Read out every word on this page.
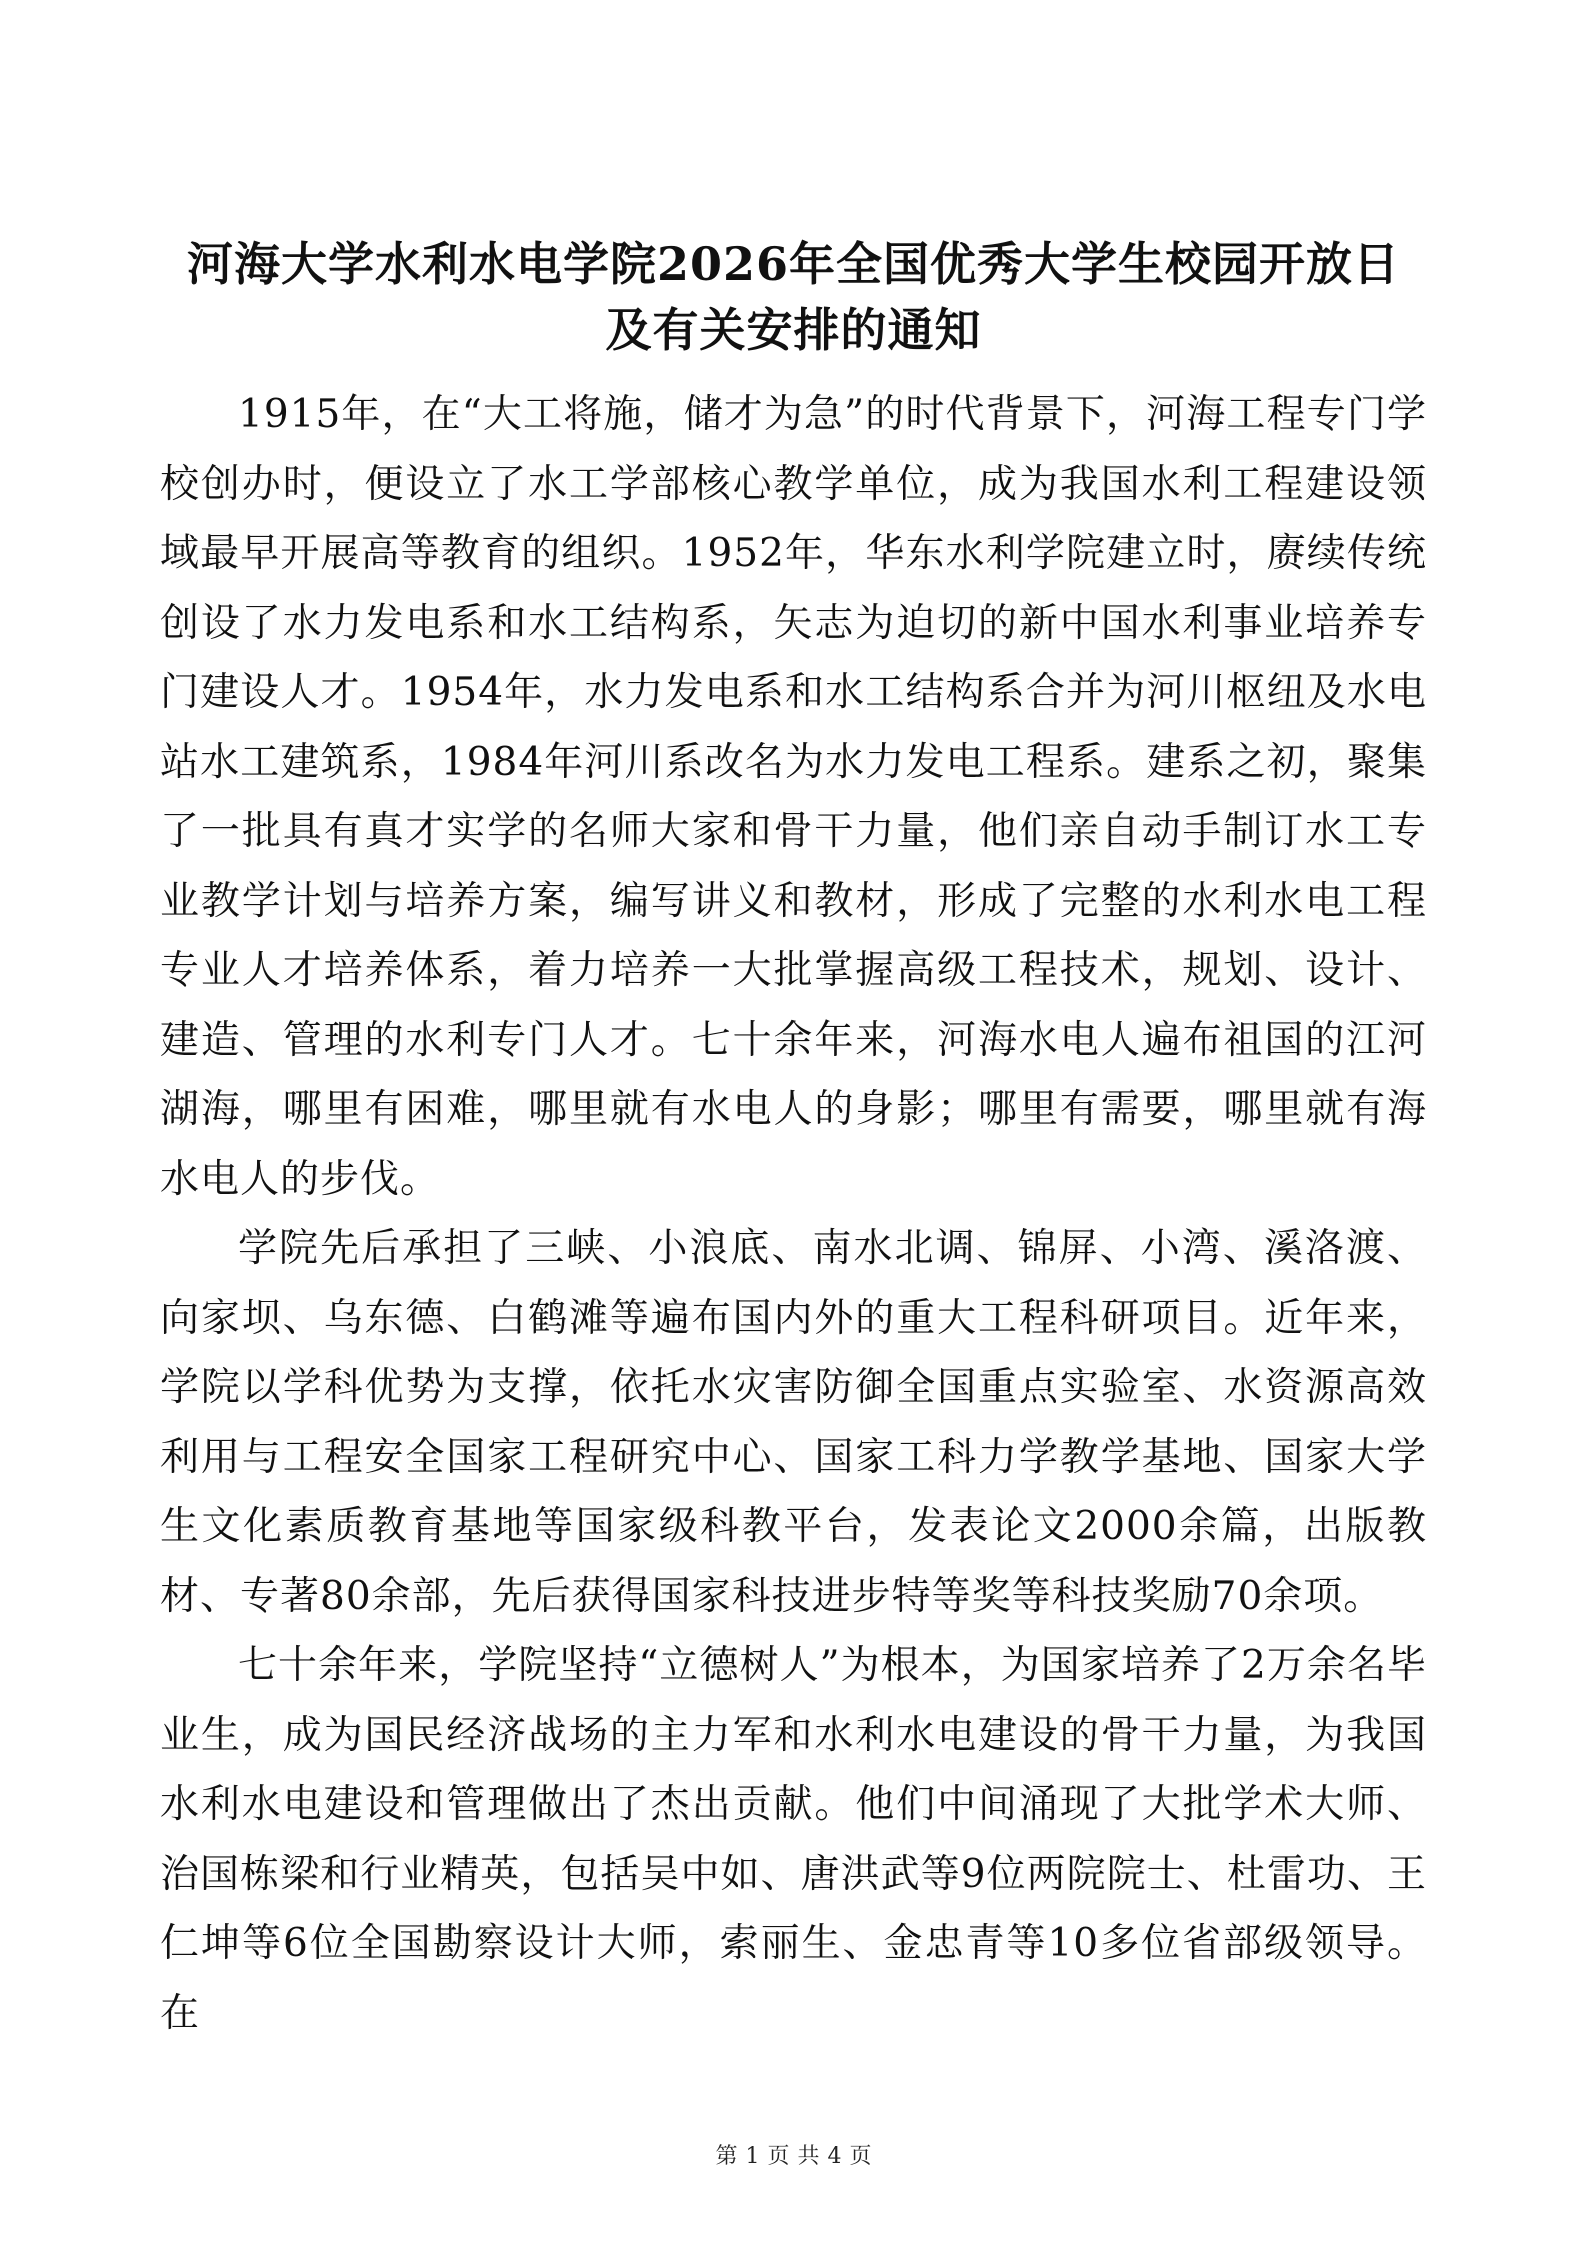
河海大学水利水电学院2026年全国优秀大学生校园开放日
及有关安排的通知

1915年，在“大工将施，储才为急”的时代背景下，河海工程专门学校创办时，便设立了水工学部核心教学单位，成为我国水利工程建设领域最早开展高等教育的组织。1952年，华东水利学院建立时，赓续传统创设了水力发电系和水工结构系，矢志为迫切的新中国水利事业培养专门建设人才。1954年，水力发电系和水工结构系合并为河川枢纽及水电站水工建筑系，1984年河川系改名为水力发电工程系。建系之初，聚集了一批具有真才实学的名师大家和骨干力量，他们亲自动手制订水工专业教学计划与培养方案，编写讲义和教材，形成了完整的水利水电工程专业人才培养体系，着力培养一大批掌握高级工程技术，规划、设计、建造、管理的水利专门人才。七十余年来，河海水电人遍布祖国的江河湖海，哪里有困难，哪里就有水电人的身影；哪里有需要，哪里就有海水电人的步伐。

学院先后承担了三峡、小浪底、南水北调、锦屏、小湾、溪洛渡、向家坝、乌东德、白鹤滩等遍布国内外的重大工程科研项目。近年来，学院以学科优势为支撑，依托水灾害防御全国重点实验室、水资源高效利用与工程安全国家工程研究中心、国家工科力学教学基地、国家大学生文化素质教育基地等国家级科教平台，发表论文2000余篇，出版教材、专著80余部，先后获得国家科技进步特等奖等科技奖励70余项。

七十余年来，学院坚持“立德树人”为根本，为国家培养了2万余名毕业生，成为国民经济战场的主力军和水利水电建设的骨干力量，为我国水利水电建设和管理做出了杰出贡献。他们中间涌现了大批学术大师、治国栋梁和行业精英，包括吴中如、唐洪武等9位两院院士、杜雷功、王仁坤等6位全国勘察设计大师，索丽生、金忠青等10多位省部级领导。在

第 1 页 共 4 页
